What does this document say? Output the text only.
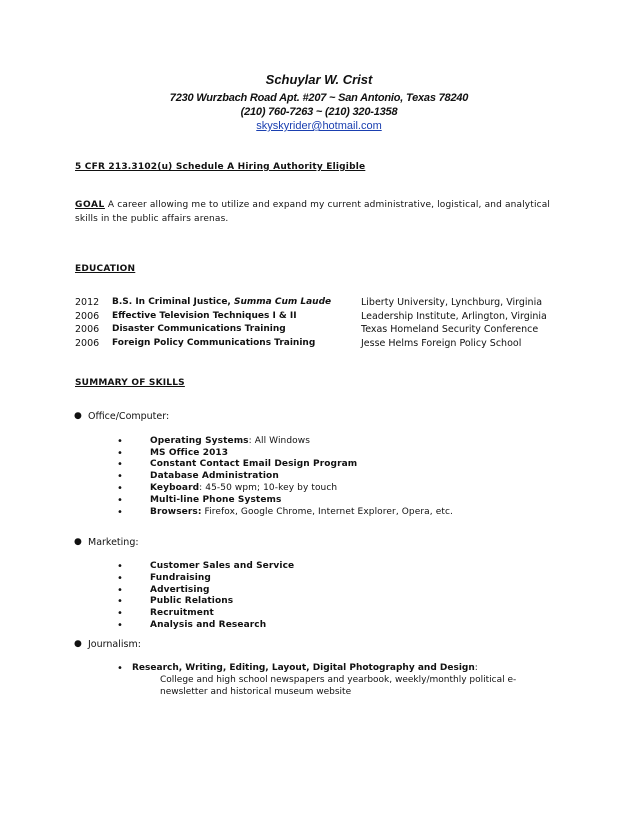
Schuylar W. Crist
7230 Wurzbach Road Apt. #207 ~ San Antonio, Texas 78240
(210) 760-7263 ~ (210) 320-1358
skyskyrider@hotmail.com
5 CFR 213.3102(u) Schedule A Hiring Authority Eligible
GOAL A career allowing me to utilize and expand my current administrative, logistical, and analytical skills in the public affairs arenas.
EDUCATION
2012 B.S. In Criminal Justice, Summa Cum Laude	Liberty University, Lynchburg, Virginia
2006 Effective Television Techniques I & II	Leadership Institute, Arlington, Virginia
2006 Disaster Communications Training	Texas Homeland Security Conference
2006 Foreign Policy Communications Training	Jesse Helms Foreign Policy School
SUMMARY OF SKILLS
● Office/Computer:
•	Operating Systems: All Windows
•	MS Office 2013
•	Constant Contact Email Design Program
•	Database Administration
•	Keyboard: 45-50 wpm; 10-key by touch
•	Multi-line Phone Systems
•	Browsers: Firefox, Google Chrome, Internet Explorer, Opera, etc.
● Marketing:
•	Customer Sales and Service
•	Fundraising
•	Advertising
•	Public Relations
•	Recruitment
•	Analysis and Research
● Journalism:
• Research, Writing, Editing, Layout, Digital Photography and Design:
College and high school newspapers and yearbook, weekly/monthly political e-
newsletter and historical museum website
